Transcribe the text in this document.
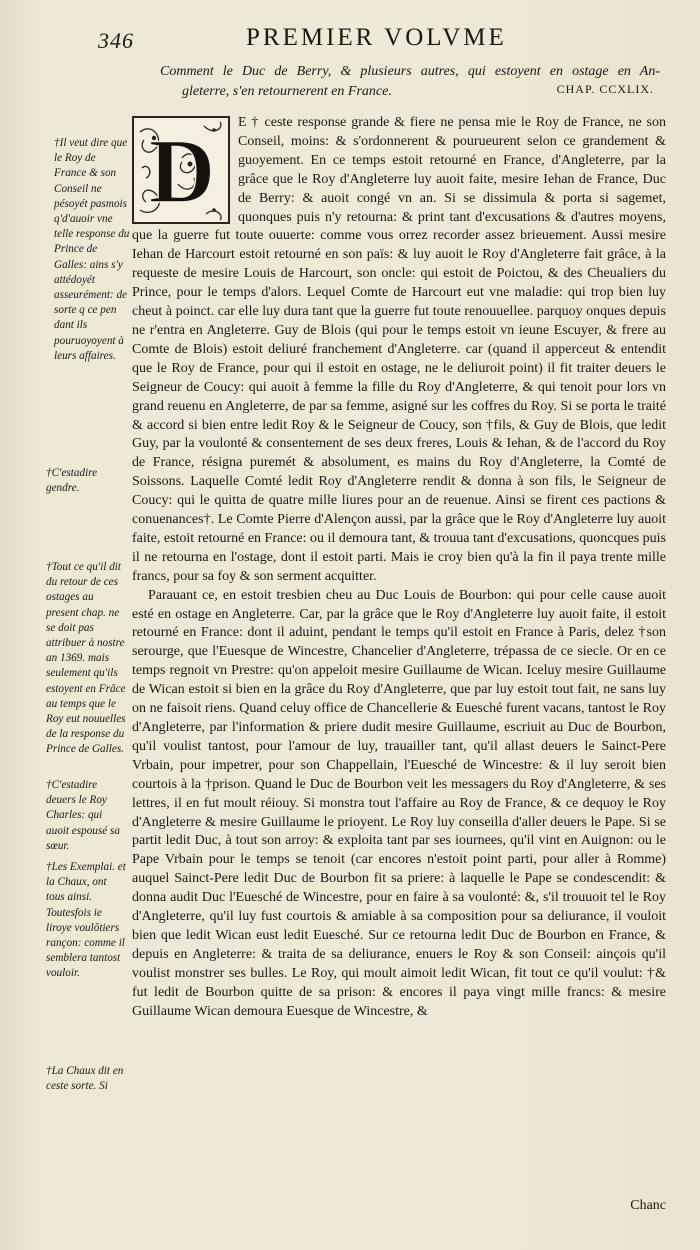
346	PREMIER VOLVME
Comment le Duc de Berry, & plusieurs autres, qui estoyent en ostage en An-
gleterre, s'en retournerent en France.	CHAP. CCXLIX.
D	E † ceste response grande & fiere ne pensa mie le Roy de France, ne son Conseil, moins: & s'ordonnerent & pourueurent selon ce grandement & guoyement. En ce temps estoit retourné en France, d'Angleterre, par la grâce que le Roy d'Angleterre luy auoit faite, mesire Iehan de France, Duc de Berry: & auoit congé vn an. Si se dissimula & porta si sagemet, quonques puis n'y retourna: & print tant d'excusations & d'autres moyens, que la guerre fut toute ouuerte: comme vous orrez recorder assez brieuement. Aussi mesire Iehan de Harcourt estoit retourné en son païs: & luy auoit le Roy d'Angleterre fait grâce, à la requeste de mesire Louis de Harcourt, son oncle: qui estoit de Poictou, & des Cheualiers du Prince, pour le temps d'alors. Lequel Comte de Harcourt eut vne maladie: qui trop bien luy cheut à poinct. car elle luy dura tant que la guerre fut toute renouuellee. parquoy onques depuis ne r'entra en Angleterre. Guy de Blois (qui pour le temps estoit vn ieune Escuyer, & frere au Comte de Blois) estoit deliuré franchement d'Angleterre. car (quand il apperceut & entendit que le Roy de France, pour qui il estoit en ostage, ne le deliuroit point) il fit traiter deuers le Seigneur de Coucy: qui auoit à femme la fille du Roy d'Angleterre, & qui tenoit pour lors vn grand reuenu en Angleterre, de par sa femme, asigné sur les coffres du Roy. Si se porta le traité & accord si bien entre ledit Roy & le Seigneur de Coucy, son †fils, & Guy de Blois, que ledit Guy, par la voulonté & consentement de ses deux freres, Louis & Iehan, & de l'accord du Roy de France, résigna puremét & absolument, es mains du Roy d'Angleterre, la Comté de Soissons. Laquelle Comté ledit Roy d'Angleterre rendit & donna à son fils, le Seigneur de Coucy: qui le quitta de quatre mille liures pour an de reuenue. Ainsi se firent ces pactions & conuenances†. Le Comte Pierre d'Alençon aussi, par la grâce que le Roy d'Angleterre luy auoit faite, estoit retourné en France: ou il demoura tant, & trouua tant d'excusations, quoncques puis il ne retourna en l'ostage, dont il estoit parti. Mais ie croy bien qu'à la fin il paya trente mille francs, pour sa foy & son serment acquitter.

Parauant ce, en estoit tresbien cheu au Duc Louis de Bourbon: qui pour celle cause auoit esté en ostage en Angleterre. Car, par la grâce que le Roy d'Angleterre luy auoit faite, il estoit retourné en France: dont il aduint, pendant le temps qu'il estoit en France à Paris, delez †son serourge, que l'Euesque de Wincestre, Chancelier d'Angleterre, trépassa de ce siecle. Or en ce temps regnoit vn Prestre: qu'on appeloit mesire Guillaume de Wican. Iceluy mesire Guillaume de Wican estoit si bien en la grâce du Roy d'Angleterre, que par luy estoit tout fait, ne sans luy on ne faisoit riens. Quand celuy office de Chancellerie & Euesché furent vacans, tantost le Roy d'Angleterre, par l'information & priere dudit mesire Guillaume, escriuit au Duc de Bourbon, qu'il voulist tantost, pour l'amour de luy, trauailler tant, qu'il allast deuers le Sainct-Pere Vrbain, pour impetrer, pour son Chappellain, l'Euesché de Wincestre: & il luy seroit bien courtois à la †prison. Quand le Duc de Bourbon veit les messagers du Roy d'Angleterre, & ses lettres, il en fut moult réiouy. Si monstra tout l'affaire au Roy de France, & ce dequoy le Roy d'Angleterre & mesire Guillaume le prioyent. Le Roy luy conseilla d'aller deuers le Pape. Si se partit ledit Duc, à tout son arroy: & exploita tant par ses iournees, qu'il vint en Auignon: ou le Pape Vrbain pour le temps se tenoit (car encores n'estoit point parti, pour aller à Romme) auquel Sainct-Pere ledit Duc de Bourbon fit sa priere: à laquelle le Pape se condescendit: & donna audit Duc l'Euesché de Wincestre, pour en faire à sa voulonté: &, s'il trouuoit tel le Roy d'Angleterre, qu'il luy fust courtois & amiable à sa composition pour sa deliurance, il vouloit bien que ledit Wican eust ledit Euesché. Sur ce retourna ledit Duc de Bourbon en France, & depuis en Angleterre: & traita de sa deliurance, enuers le Roy & son Conseil: ainçois qu'il voulist monstrer ses bulles. Le Roy, qui moult aimoit ledit Wican, fit tout ce qu'il voulut: †& fut ledit de Bourbon quitte de sa prison: & encores il paya vingt mille francs: & mesire Guillaume Wican demoura Euesque de Wincestre, &

†Il veut dire que le Roy de France & son Conseil ne pésoyét pasmois q'd'auoir vne telle response du Prince de Galles: ains s'y attédoyét asseurément: de sorte q ce pen dant ils pouruoyoyent à leurs affaires.
†C'estadire gendre.
†Tout ce qu'il dit du retour de ces ostages au present chap. ne se doit pas attribuer à nostre an 1369. mais seulement qu'ils estoyent en Frâce au temps que le Roy eut nouuelles de la response du Prince de Galles.
†C'estadire deuers le Roy Charles: qui auoit espousé sa sœur.
†Les Exemplai. et la Chaux, ont tous ainsi. Toutesfois ie liroye voulôtiers rançon: comme il semblera tantost vouloir.
†La Chaux dit en ceste sorte. Si
Chanc
